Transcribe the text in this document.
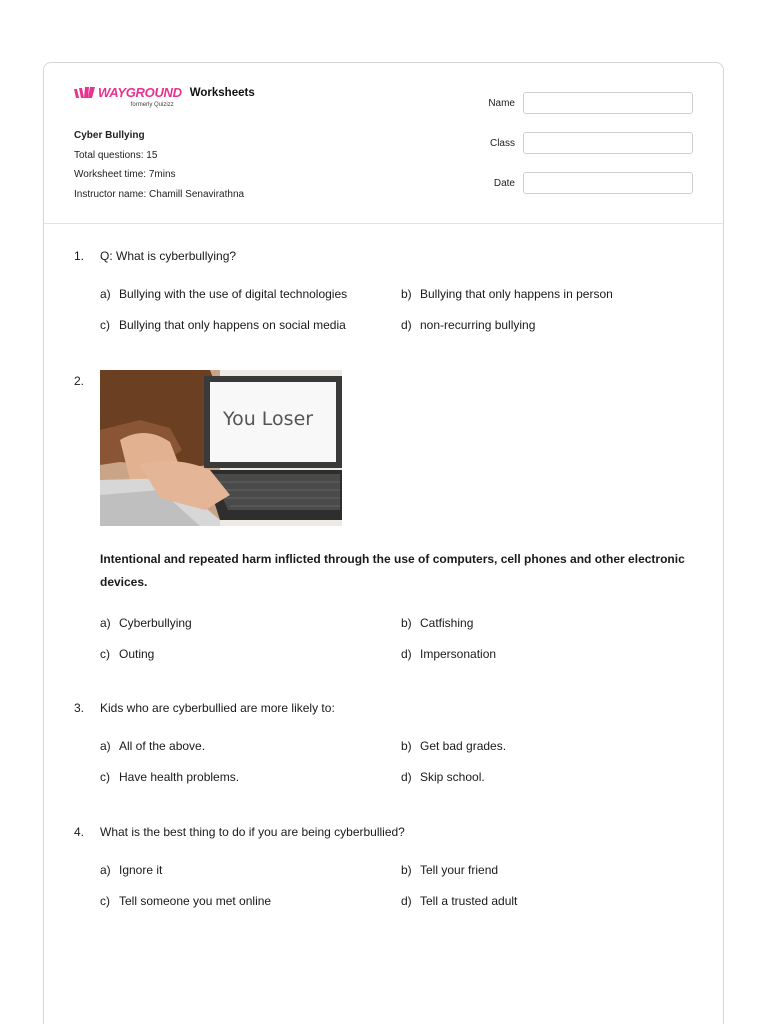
WAYGROUND
formerly Quizizz
Worksheets
Cyber Bullying
Total questions: 15
Worksheet time: 7mins
Instructor name: Chamill Senavirathna
Name
Class
Date
1.	Q: What is cyberbullying?
a) Bullying with the use of digital technologies	b) Bullying that only happens in person
c) Bullying that only happens on social media	d) non-recurring bullying
2.
You Loser
Intentional and repeated harm inflicted through the use of computers, cell phones and other electronic devices.
a) Cyberbullying	b) Catfishing
c) Outing	d) Impersonation
3.	Kids who are cyberbullied are more likely to:
a) All of the above.	b) Get bad grades.
c) Have health problems.	d) Skip school.
4.	What is the best thing to do if you are being cyberbullied?
a) Ignore it	b) Tell your friend
c) Tell someone you met online	d) Tell a trusted adult
